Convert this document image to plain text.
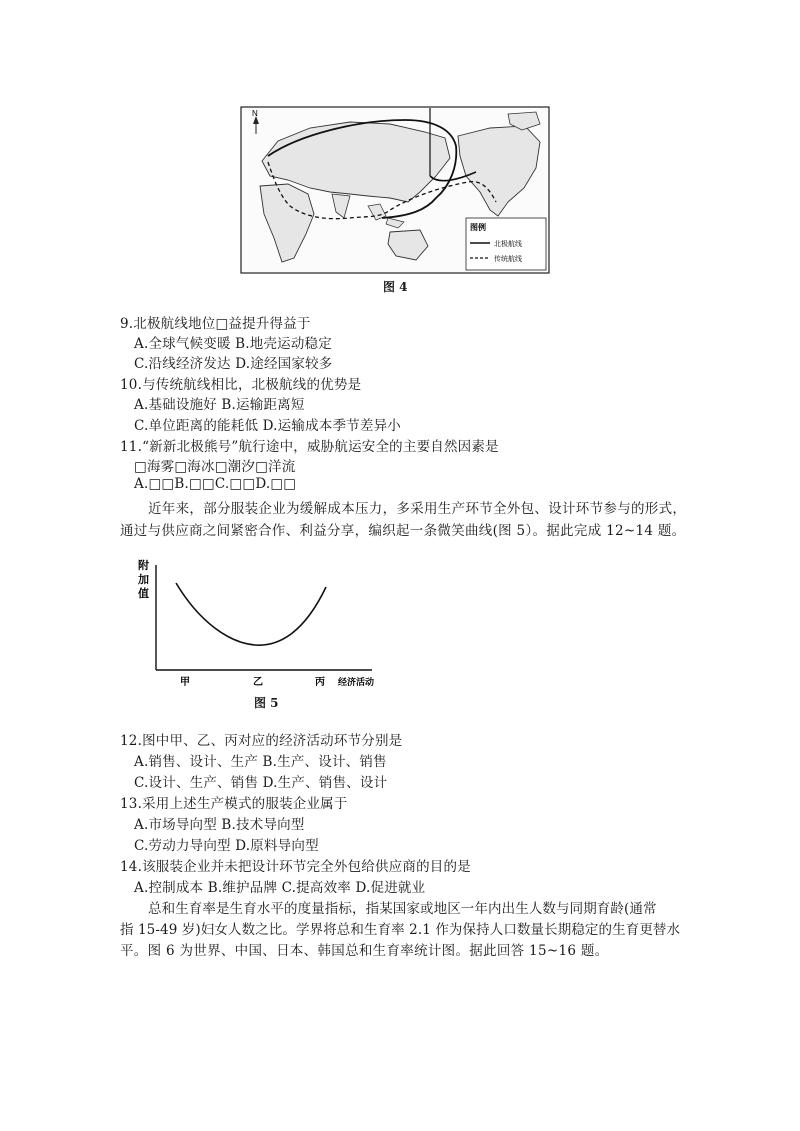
N
图例
北极航线
传统航线
图 4
9.北极航线地位□益提升得益于
A.全球气候变暖 B.地壳运动稳定
C.沿线经济发达 D.途经国家较多
10.与传统航线相比，北极航线的优势是
A.基础设施好 B.运输距离短
C.单位距离的能耗低 D.运输成本季节差异小
11.“新新北极熊号”航行途中，威胁航运安全的主要自然因素是
□海雾□海冰□潮汐□洋流
A.□□B.□□C.□□D.□□
近年来，部分服装企业为缓解成本压力，多采用生产环节全外包、设计环节参与的形式，
通过与供应商之间紧密合作、利益分享，编织起一条微笑曲线(图 5）。据此完成 12~14 题。
附
加
值
甲	乙	丙 经济活动
图 5
12.图中甲、乙、丙对应的经济活动环节分别是
A.销售、设计、生产 B.生产、设计、销售
C.设计、生产、销售 D.生产、销售、设计
13.采用上述生产模式的服装企业属于
A.市场导向型 B.技术导向型
C.劳动力导向型 D.原料导向型
14.该服装企业并未把设计环节完全外包给供应商的目的是
A.控制成本 B.维护品牌 C.提高效率 D.促进就业
总和生育率是生育水平的度量指标，指某国家或地区一年内出生人数与同期育龄(通常
指 15-49 岁)妇女人数之比。学界将总和生育率 2.1 作为保持人口数量长期稳定的生育更替水
平。图 6 为世界、中国、日本、韩国总和生育率统计图。据此回答 15~16 题。
